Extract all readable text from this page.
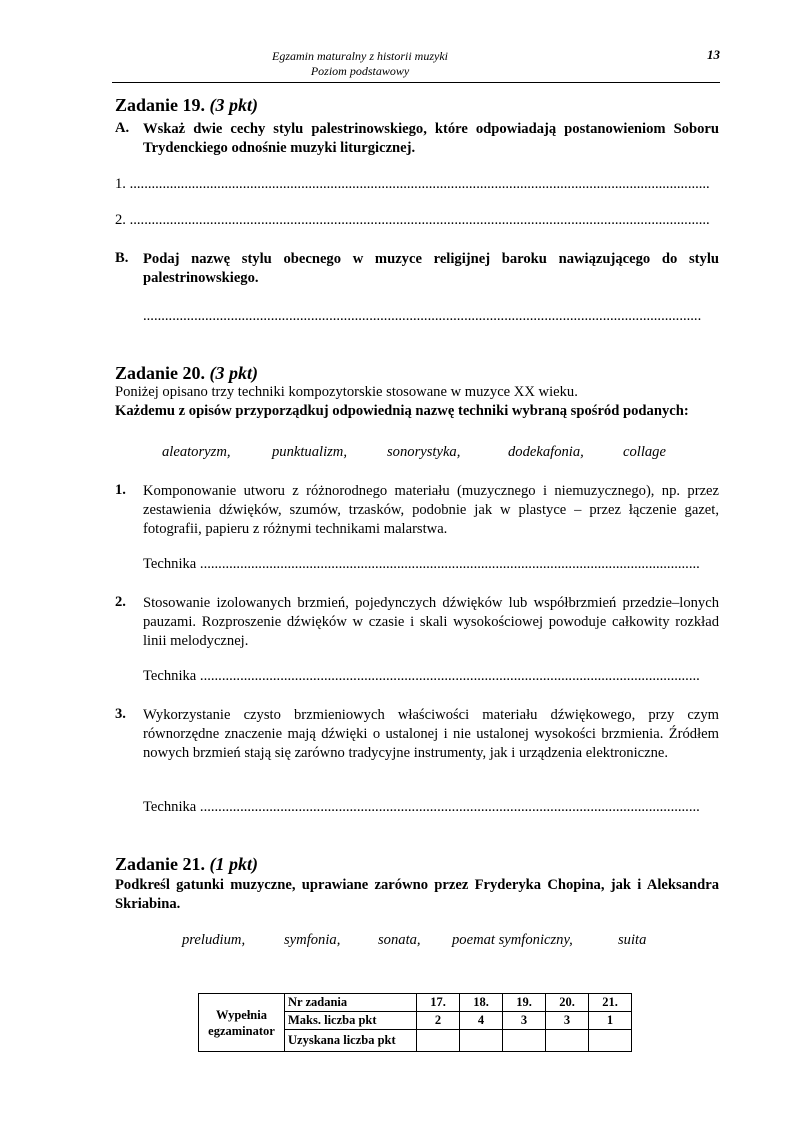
Egzamin maturalny z historii muzyki
Poziom podstawowy
13
Zadanie 19. (3 pkt)
A. Wskaż dwie cechy stylu palestrinowskiego, które odpowiadają postanowieniom Soboru Trydenckiego odnośnie muzyki liturgicznej.
1. ...............................................................................................................................................................
2. ...............................................................................................................................................................
B. Podaj nazwę stylu obecnego w muzyce religijnej baroku nawiązującego do stylu palestrinowskiego.
.........................................................................................................................................................
Zadanie 20. (3 pkt)
Poniżej opisano trzy techniki kompozytorskie stosowane w muzyce XX wieku.
Każdemu z opisów przyporządkuj odpowiednią nazwę techniki wybraną spośród podanych:
aleatoryzm,	punktualizm,	sonorystyka,	dodekafonia,	collage
1. Komponowanie utworu z różnorodnego materiału (muzycznego i niemuzycznego), np. przez zestawienia dźwięków, szumów, trzasków, podobnie jak w plastyce – przez łączenie gazet, fotografii, papieru z różnymi technikami malarstwa.
Technika .........................................................................................................................................
2. Stosowanie izolowanych brzmień, pojedynczych dźwięków lub współbrzmień przedzie–lonych pauzami. Rozproszenie dźwięków w czasie i skali wysokościowej powoduje całkowity rozkład linii melodycznej.
Technika .........................................................................................................................................
3. Wykorzystanie czysto brzmieniowych właściwości materiału dźwiękowego, przy czym równorzędne znaczenie mają dźwięki o ustalonej i nie ustalonej wysokości brzmienia. Źródłem nowych brzmień stają się zarówno tradycyjne instrumenty, jak i urządzenia elektroniczne.
Technika .........................................................................................................................................
Zadanie 21. (1 pkt)
Podkreśl gatunki muzyczne, uprawiane zarówno przez Fryderyka Chopina, jak i Aleksandra Skriabina.
preludium,	symfonia,	sonata, poemat symfoniczny,	suita
Wypełnia
egzaminator	Nr zadania	17.	18.	19.	20.	21.
	Maks. liczba pkt	2	4	3	3	1
	Uzyskana liczba pkt					
